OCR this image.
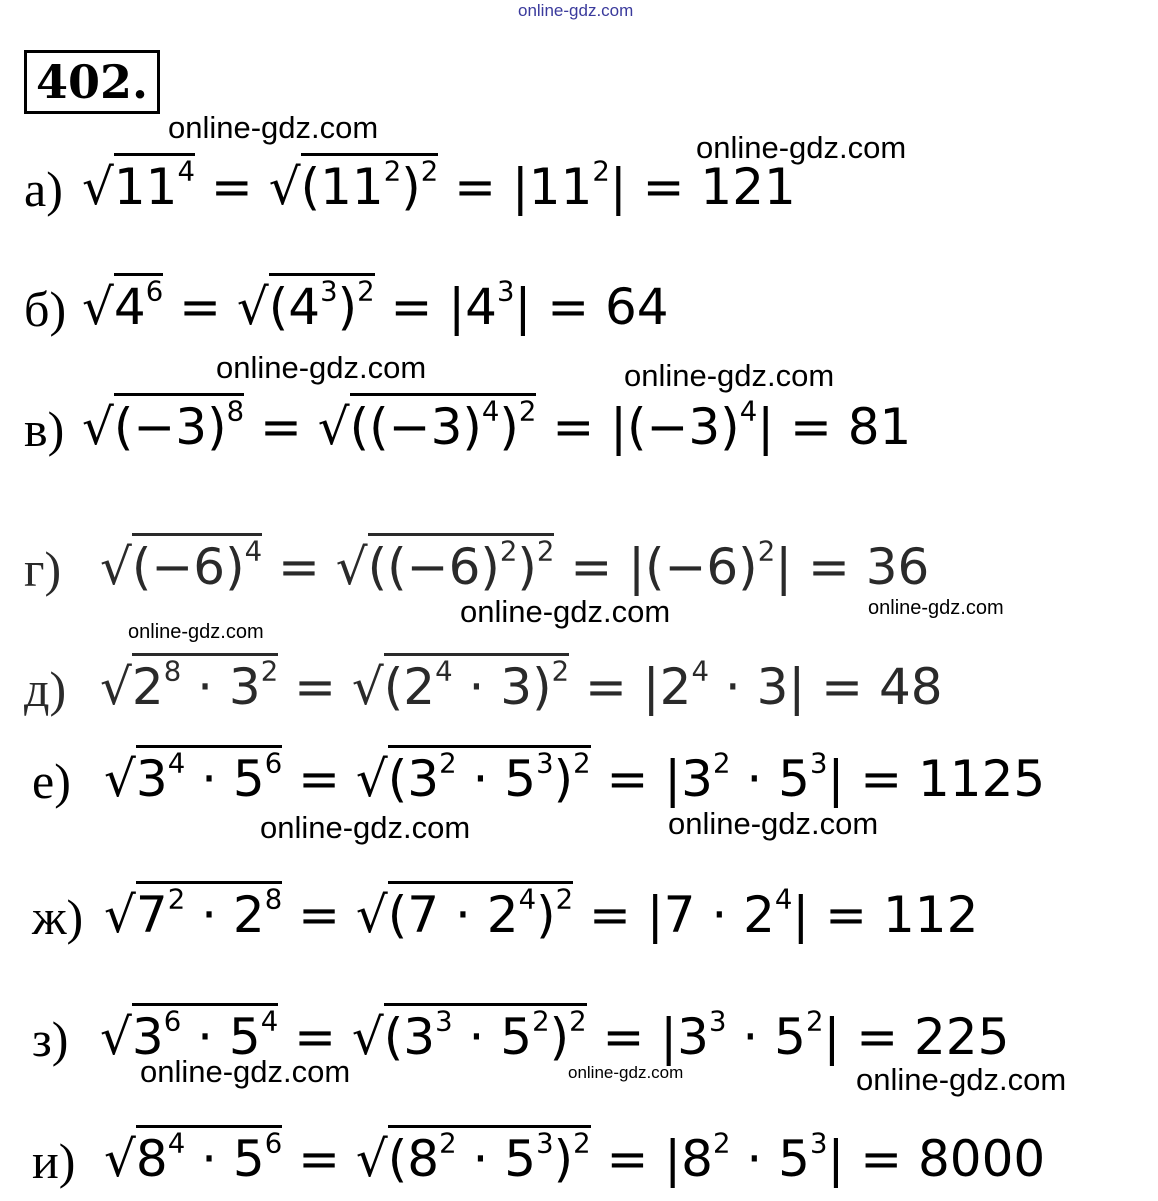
online-gdz.com
402.
online-gdz.com
online-gdz.com
online-gdz.com	online-gdz.com
online-gdz.com	online-gdz.com
online-gdz.com
online-gdz.com	online-gdz.com
online-gdz.com	online-gdz.com	online-gdz.com
а) $√11^4 = √(11^2)^2 = |11^2| = 121$
б) $√4^6 = √(4^3)^2 = |4^3| = 64$
в) $√(-3)^8 = √((-3)^4)^2 = |(-3)^4| = 81$
г) $√(-6)^4 = √((-6)^2)^2 = |(-6)^2| = 36$
д) $√2^8 \cdot 3^2 = √(2^4 \cdot 3)^2 = |2^4 \cdot 3| = 48$
е) $√3^4 \cdot 5^6 = √(3^2 \cdot 5^3)^2 = |3^2 \cdot 5^3| = 1125$
ж) $√7^2 \cdot 2^8 = √(7 \cdot 2^4)^2 = |7 \cdot 2^4| = 112$
з) $√3^6 \cdot 5^4 = √(3^3 \cdot 5^2)^2 = |3^3 \cdot 5^2| = 225$
и) $√8^4 \cdot 5^6 = √(8^2 \cdot 5^3)^2 = |8^2 \cdot 5^3| = 8000$
